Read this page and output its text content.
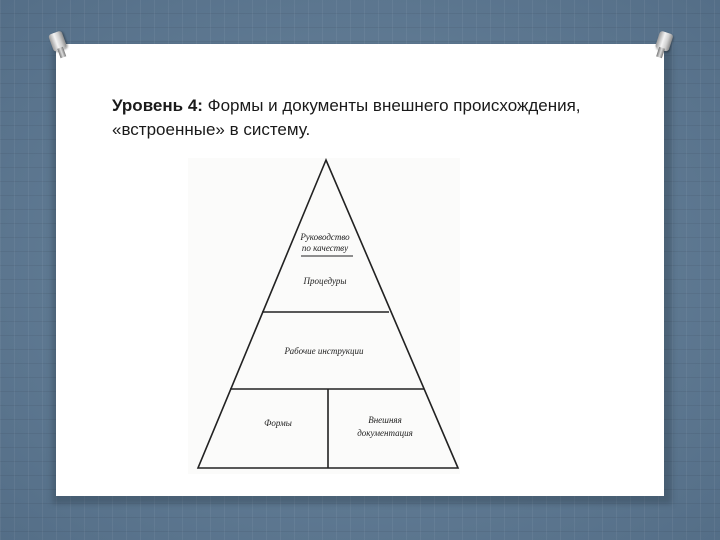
Уровень 4: Формы и документы внешнего происхождения, «встроенные» в систему.
Руководство
по качеству
Процедуры
Рабочие инструкции
Формы	Внешняя
документация
